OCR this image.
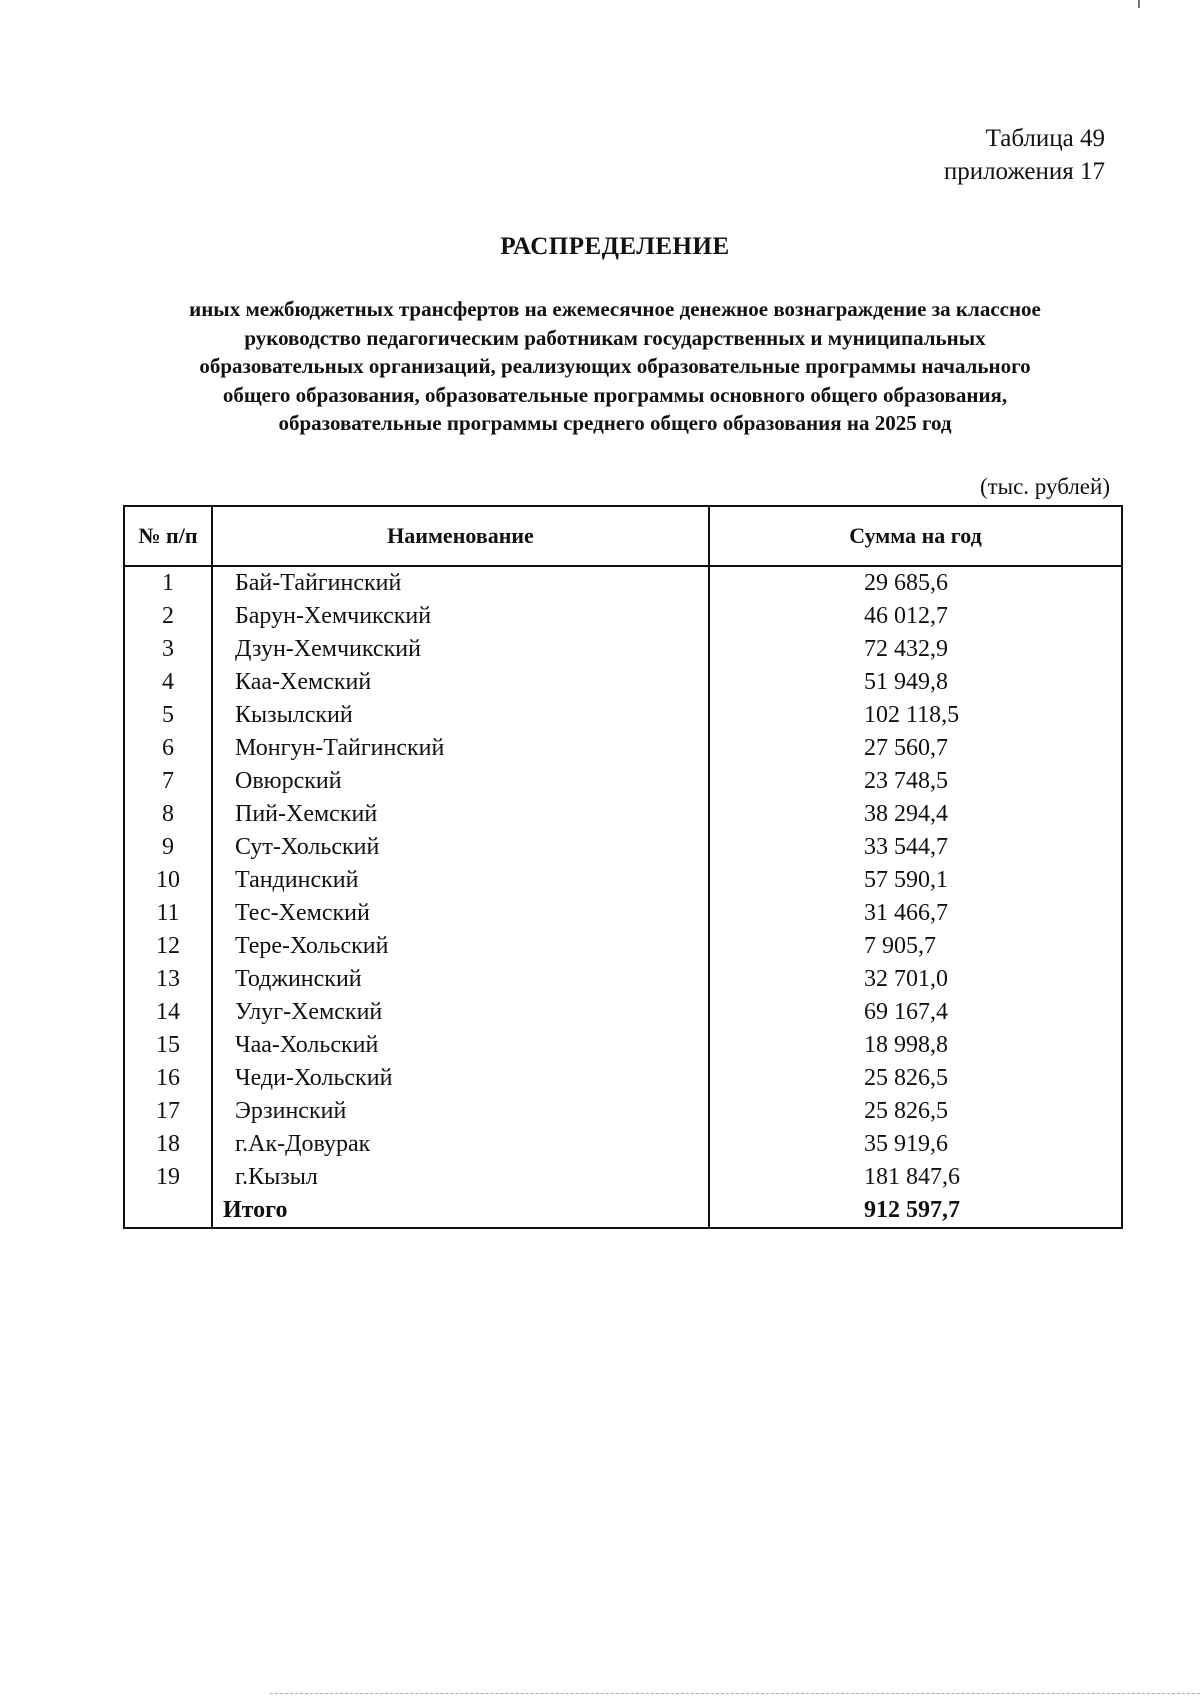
Таблица 49
приложения 17
РАСПРЕДЕЛЕНИЕ
иных межбюджетных трансфертов на ежемесячное денежное вознаграждение за классное
руководство педагогическим работникам государственных и муниципальных
образовательных организаций, реализующих образовательные программы начального
общего образования, образовательные программы основного общего образования,
образовательные программы среднего общего образования на 2025 год
(тыс. рублей)
№ п/п	Наименование	Сумма на год
1	Бай-Тайгинский	29 685,6
2	Барун-Хемчикский	46 012,7
3	Дзун-Хемчикский	72 432,9
4	Каа-Хемский	51 949,8
5	Кызылский	102 118,5
6	Монгун-Тайгинский	27 560,7
7	Овюрский	23 748,5
8	Пий-Хемский	38 294,4
9	Сут-Хольский	33 544,7
10	Тандинский	57 590,1
11	Тес-Хемский	31 466,7
12	Тере-Хольский	7 905,7
13	Тоджинский	32 701,0
14	Улуг-Хемский	69 167,4
15	Чаа-Хольский	18 998,8
16	Чеди-Хольский	25 826,5
17	Эрзинский	25 826,5
18	г.Ак-Довурак	35 919,6
19	г.Кызыл	181 847,6
	Итого	912 597,7
